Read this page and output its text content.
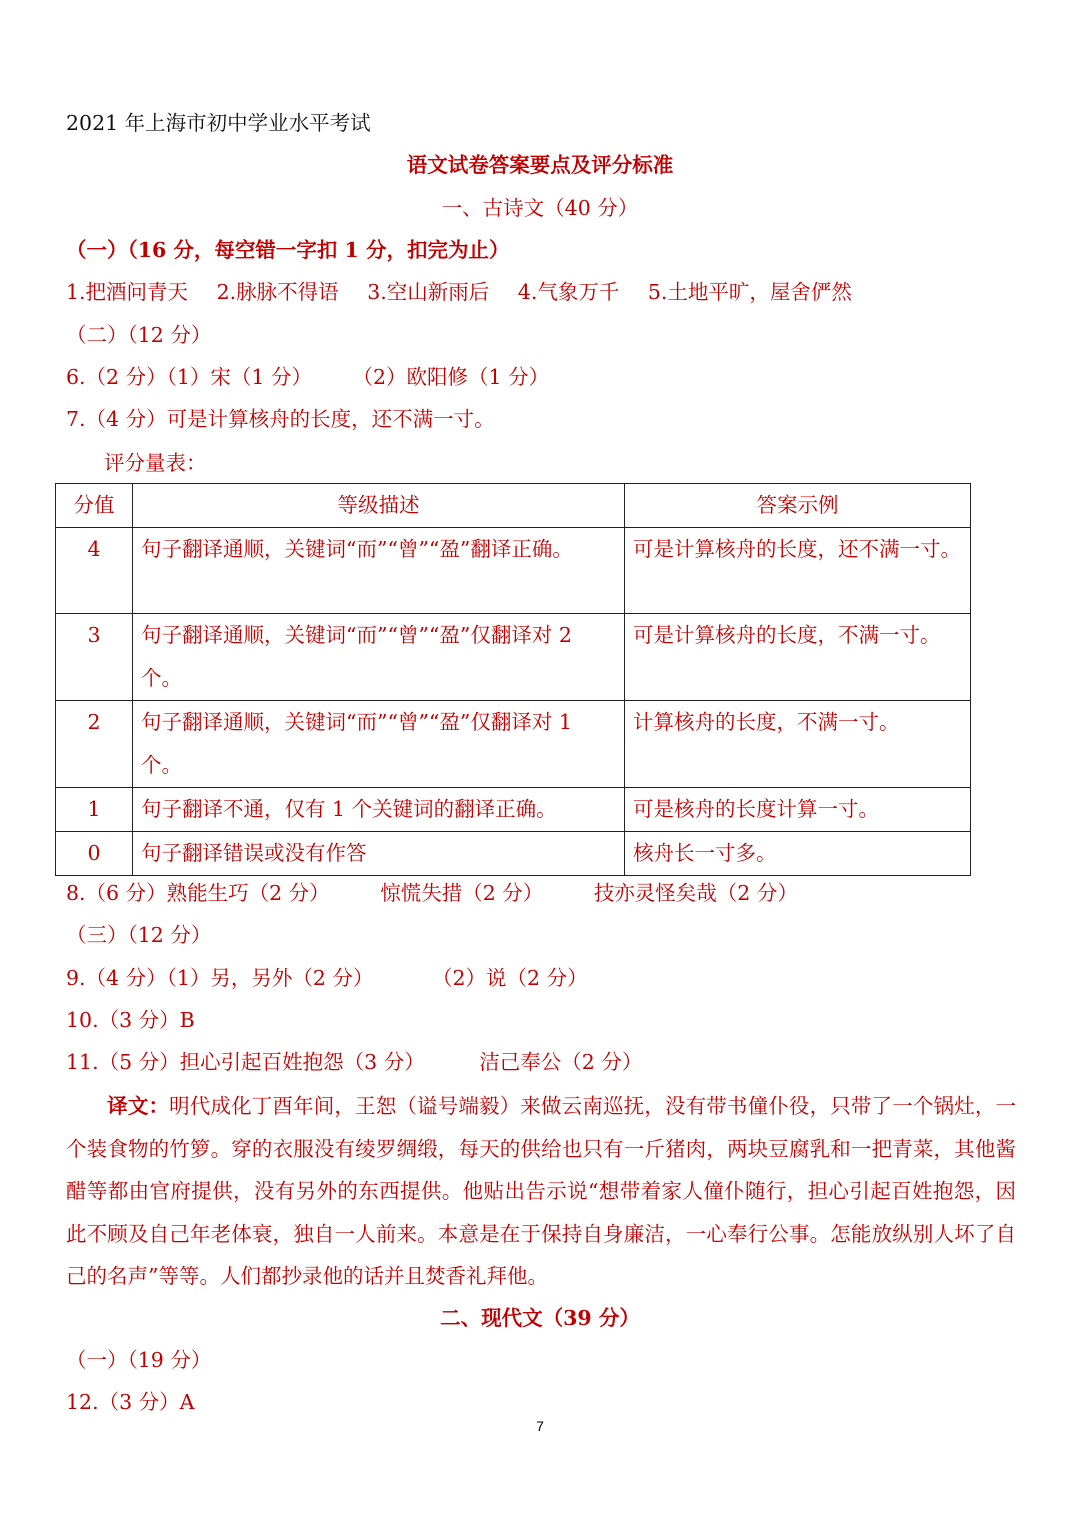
2021 年上海市初中学业水平考试
语文试卷答案要点及评分标准
一、古诗文（40 分）
（一）（16 分，每空错一字扣 1 分，扣完为止）
1.把酒问青天 2.脉脉不得语 3.空山新雨后 4.气象万千 5.土地平旷，屋舍俨然
（二）（12 分）
6.（2 分）（1）宋（1 分） （2）欧阳修（1 分）
7.（4 分）可是计算核舟的长度，还不满一寸。
评分量表：
分值	等级描述	答案示例
4	句子翻译通顺，关键词“而”“曾”“盈”翻译正确。	可是计算核舟的长度，还不满一寸。
3	句子翻译通顺，关键词“而”“曾”“盈”仅翻译对 2 个。	可是计算核舟的长度，不满一寸。
2	句子翻译通顺，关键词“而”“曾”“盈”仅翻译对 1 个。	计算核舟的长度，不满一寸。
1	句子翻译不通，仅有 1 个关键词的翻译正确。	可是核舟的长度计算一寸。
0	句子翻译错误或没有作答	核舟长一寸多。
8.（6 分）熟能生巧（2 分） 惊慌失措（2 分） 技亦灵怪矣哉（2 分）
（三）（12 分）
9.（4 分）（1）另，另外（2 分）	（2）说（2 分）
10.（3 分）B
11.（5 分）担心引起百姓抱怨（3 分）	洁己奉公（2 分）
译文：明代成化丁酉年间，王恕（谥号端毅）来做云南巡抚，没有带书僮仆役，只带了一个锅灶，一个装食物的竹箩。穿的衣服没有绫罗绸缎，每天的供给也只有一斤猪肉，两块豆腐乳和一把青菜，其他酱醋等都由官府提供，没有另外的东西提供。他贴出告示说“想带着家人僮仆随行，担心引起百姓抱怨，因此不顾及自己年老体衰，独自一人前来。本意是在于保持自身廉洁，一心奉行公事。怎能放纵别人坏了自己的名声”等等。人们都抄录他的话并且焚香礼拜他。
二、现代文（39 分）
（一）（19 分）
12.（3 分）A
7
